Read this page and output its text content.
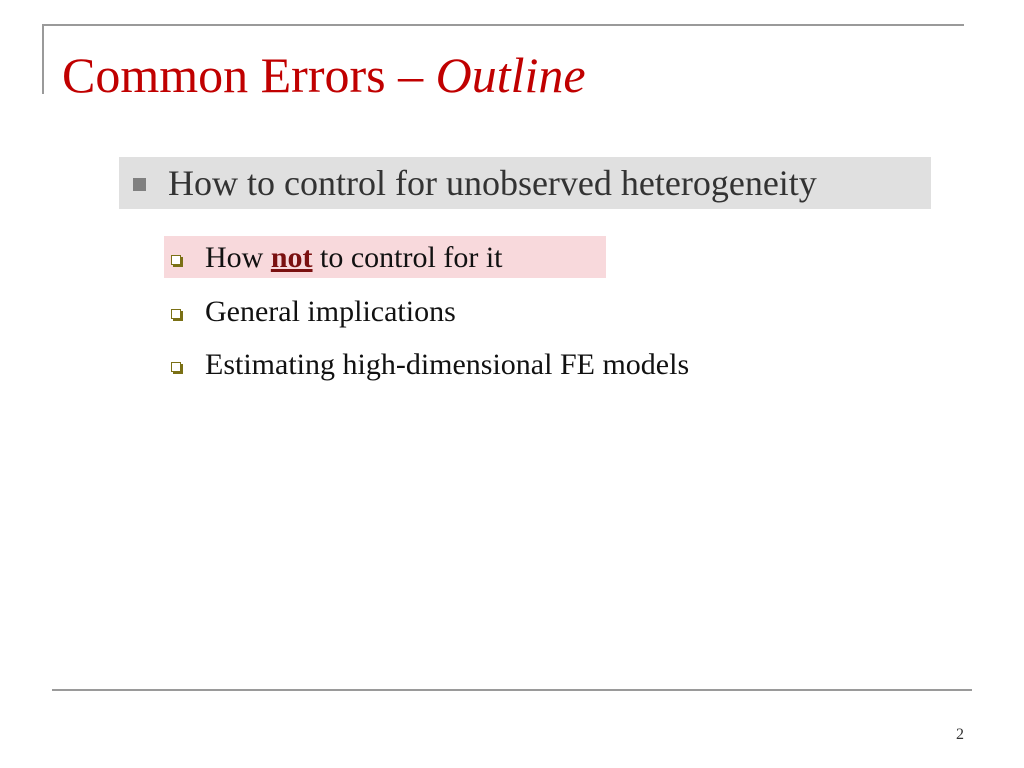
Common Errors – Outline
How to control for unobserved heterogeneity
How not to control for it
General implications
Estimating high-dimensional FE models
2
